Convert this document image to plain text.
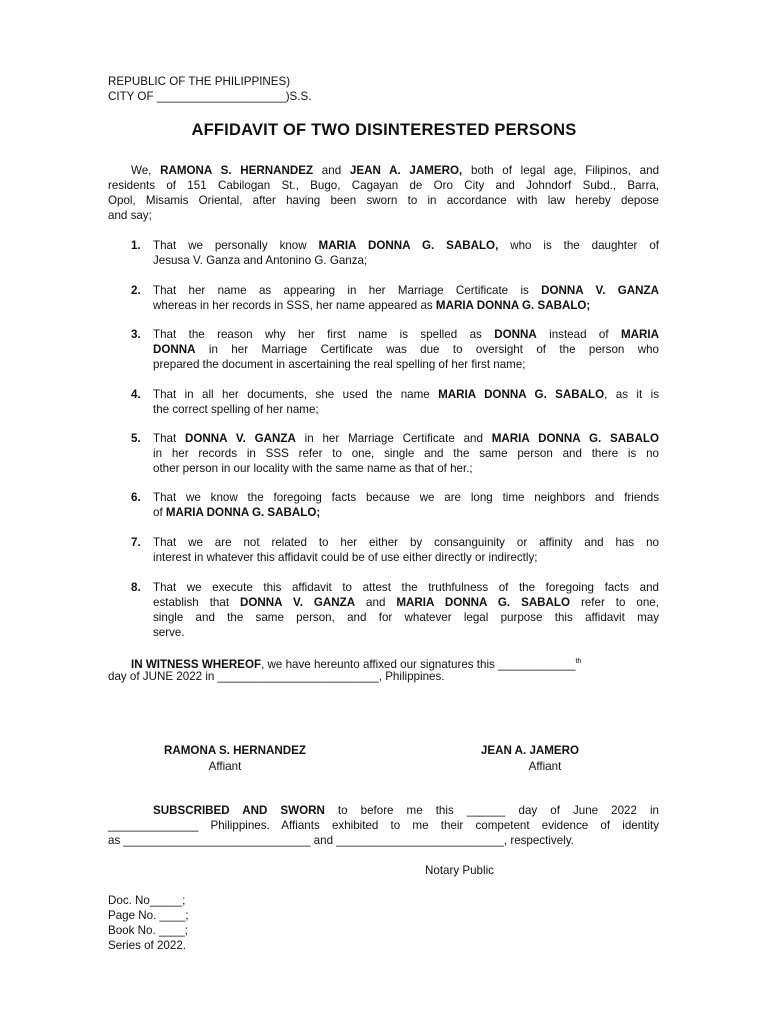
REPUBLIC OF THE PHILIPPINES)
CITY OF ____________________)S.S.
AFFIDAVIT OF TWO DISINTERESTED PERSONS
We, RAMONA S. HERNANDEZ and JEAN A. JAMERO, both of legal age, Filipinos, and
residents of 151 Cabilogan St., Bugo, Cagayan de Oro City and Johndorf Subd., Barra,
Opol, Misamis Oriental, after having been sworn to in accordance with law hereby depose
and say;
1. That we personally know MARIA DONNA G. SABALO, who is the daughter of
Jesusa V. Ganza and Antonino G. Ganza;
2. That her name as appearing in her Marriage Certificate is DONNA V. GANZA
whereas in her records in SSS, her name appeared as MARIA DONNA G. SABALO;
3. That the reason why her first name is spelled as DONNA instead of MARIA
DONNA in her Marriage Certificate was due to oversight of the person who
prepared the document in ascertaining the real spelling of her first name;
4. That in all her documents, she used the name MARIA DONNA G. SABALO, as it is
the correct spelling of her name;
5. That DONNA V. GANZA in her Marriage Certificate and MARIA DONNA G. SABALO
in her records in SSS refer to one, single and the same person and there is no
other person in our locality with the same name as that of her.;
6. That we know the foregoing facts because we are long time neighbors and friends
of MARIA DONNA G. SABALO;
7. That we are not related to her either by consanguinity or affinity and has no
interest in whatever this affidavit could be of use either directly or indirectly;
8. That we execute this affidavit to attest the truthfulness of the foregoing facts and
establish that DONNA V. GANZA and MARIA DONNA G. SABALO refer to one,
single and the same person, and for whatever legal purpose this affidavit may
serve.
IN WITNESS WHEREOF, we have hereunto affixed our signatures this ____________$^{th}$
day of JUNE 2022 in _________________________, Philippines.
RAMONA S. HERNANDEZ
Affiant
JEAN A. JAMERO
Affiant
SUBSCRIBED AND SWORN to before me this ______ day of June 2022 in
______________ Philippines. Affiants exhibited to me their competent evidence of identity
as _____________________________ and __________________________, respectively.
Notary Public
Doc. No_____;
Page No. ____;
Book No. ____;
Series of 2022.
